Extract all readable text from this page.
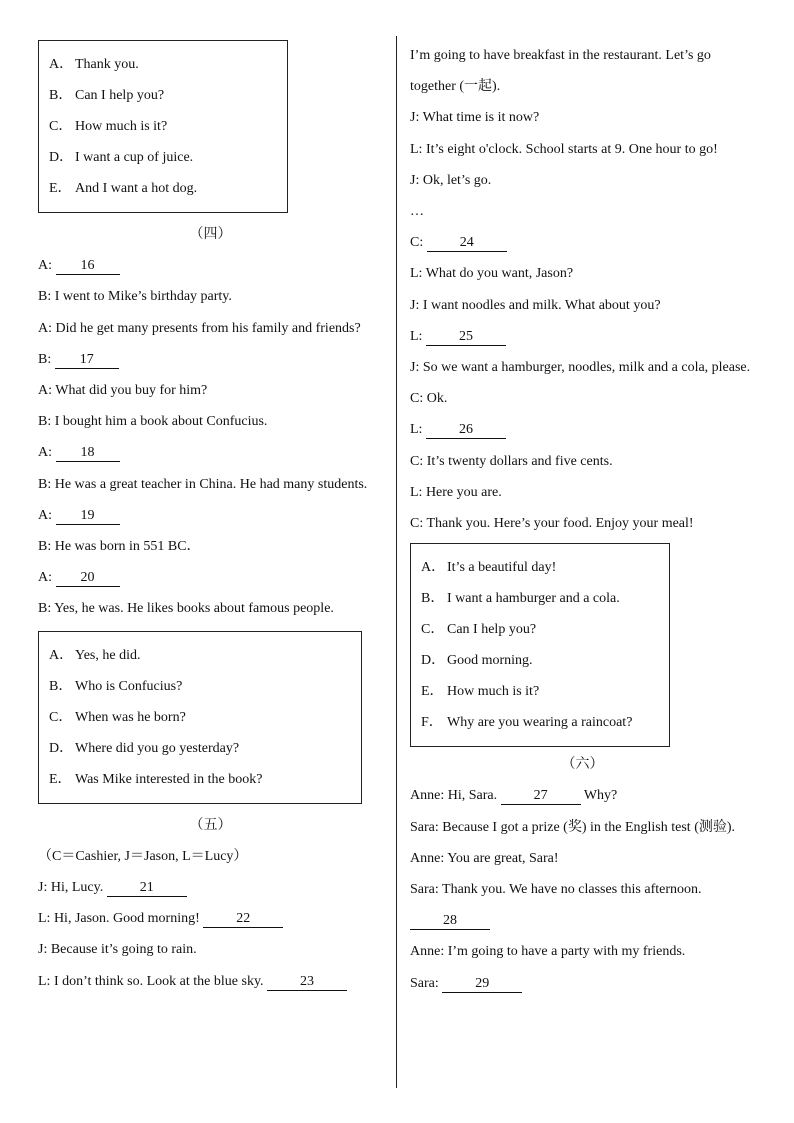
A． Thank you.
B． Can I help you?
C． How much is it?
D． I want a cup of juice.
E． And I want a hot dog.
（四）
A: 16
B: I went to Mike’s birthday party.
A: Did he get many presents from his family and friends?
B: 17
A: What did you buy for him?
B: I bought him a book about Confucius.
A: 18
B: He was a great teacher in China. He had many students.
A: 19
B: He was born in 551 BC．
A: 20
B: Yes, he was. He likes books about famous people.
A． Yes, he did.
B． Who is Confucius?
C． When was he born?
D． Where did you go yesterday?
E． Was Mike interested in the book?
（五）
（C＝Cashier, J＝Jason, L＝Lucy）
J: Hi, Lucy. 21
L: Hi, Jason. Good morning! 22
J: Because it’s going to rain.
L: I don’t think so. Look at the blue sky. 23
I’m going to have breakfast in the restaurant. Let’s go together (一起).
J: What time is it now?
L: It’s eight o'clock. School starts at 9. One hour to go!
J: Ok, let’s go.
…
C: 24
L: What do you want, Jason?
J: I want noodles and milk. What about you?
L: 25
J: So we want a hamburger, noodles, milk and a cola, please.
C: Ok.
L: 26
C: It’s twenty dollars and five cents.
L: Here you are.
C: Thank you. Here’s your food. Enjoy your meal!
A． It’s a beautiful day!
B． I want a hamburger and a cola.
C． Can I help you?
D． Good morning.
E． How much is it?
F． Why are you wearing a raincoat?
（六）
Anne: Hi, Sara. 27 Why?
Sara: Because I got a prize (奖) in the English test (测验).
Anne: You are great, Sara!
Sara: Thank you. We have no classes this afternoon.
28
Anne: I’m going to have a party with my friends.
Sara: 29
